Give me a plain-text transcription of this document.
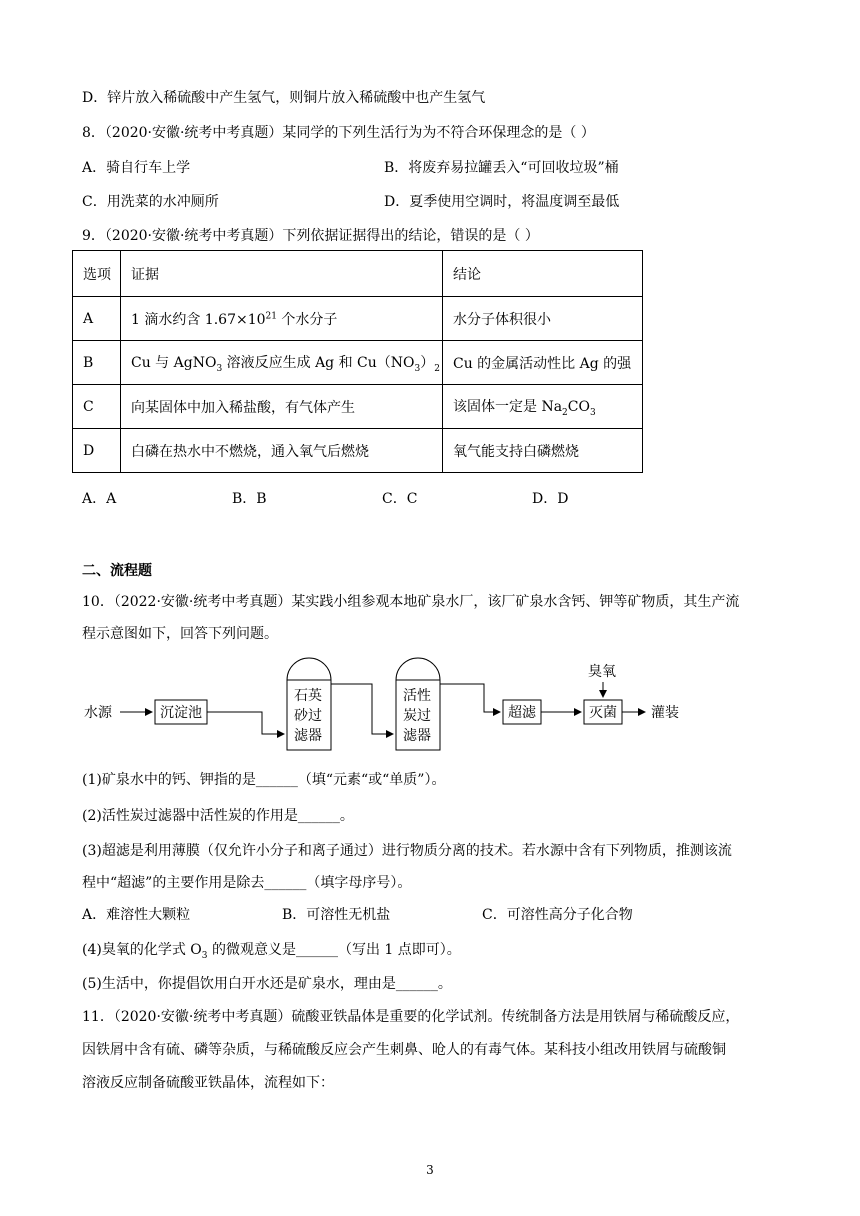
D．锌片放入稀硫酸中产生氢气，则铜片放入稀硫酸中也产生氢气
8．（2020·安徽·统考中考真题）某同学的下列生活行为为不符合环保理念的是（ ）
A．骑自行车上学	B．将废弃易拉罐丢入“可回收垃圾”桶
C．用洗菜的水冲厕所	D．夏季使用空调时，将温度调至最低
9．（2020·安徽·统考中考真题）下列依据证据得出的结论，错误的是（ ）
选项	证据	结论
A	1 滴水约含 $1.67\times 10^{21}$ 个水分子	水分子体积很小
B	Cu 与 AgNO$_3$ 溶液反应生成 Ag 和 $Cu(NO_3)_2$	Cu 的金属活动性比 Ag 的强
C	向某固体中加入稀盐酸，有气体产生	该固体一定是 $Na_2CO_3$
D	白磷在热水中不燃烧，通入氧气后燃烧	氧气能支持白磷燃烧
A．A	B．B	C．C	D．D
二、流程题
10．（2022·安徽·统考中考真题）某实践小组参观本地矿泉水厂，该厂矿泉水含钙、钾等矿物质，其生产流
程示意图如下，回答下列问题。
水源	沉淀池
石英
砂过
滤器
活性
炭过
滤器
超滤
臭氧
灭菌 灌装
(1)矿泉水中的钙、钾指的是______（填“元素“或“单质”）。
(2)活性炭过滤器中活性炭的作用是______。
(3)超滤是利用薄膜（仅允许小分子和离子通过）进行物质分离的技术。若水源中含有下列物质，推测该流
程中“超滤”的主要作用是除去______（填字母序号）。
A．难溶性大颗粒	B．可溶性无机盐	C．可溶性高分子化合物
(4)臭氧的化学式 $O_3$ 的微观意义是______（写出 1 点即可）。
(5)生活中，你提倡饮用白开水还是矿泉水，理由是______。
11．（2020·安徽·统考中考真题）硫酸亚铁晶体是重要的化学试剂。传统制备方法是用铁屑与稀硫酸反应，
因铁屑中含有硫、磷等杂质，与稀硫酸反应会产生刺鼻、呛人的有毒气体。某科技小组改用铁屑与硫酸铜
溶液反应制备硫酸亚铁晶体，流程如下：
3
